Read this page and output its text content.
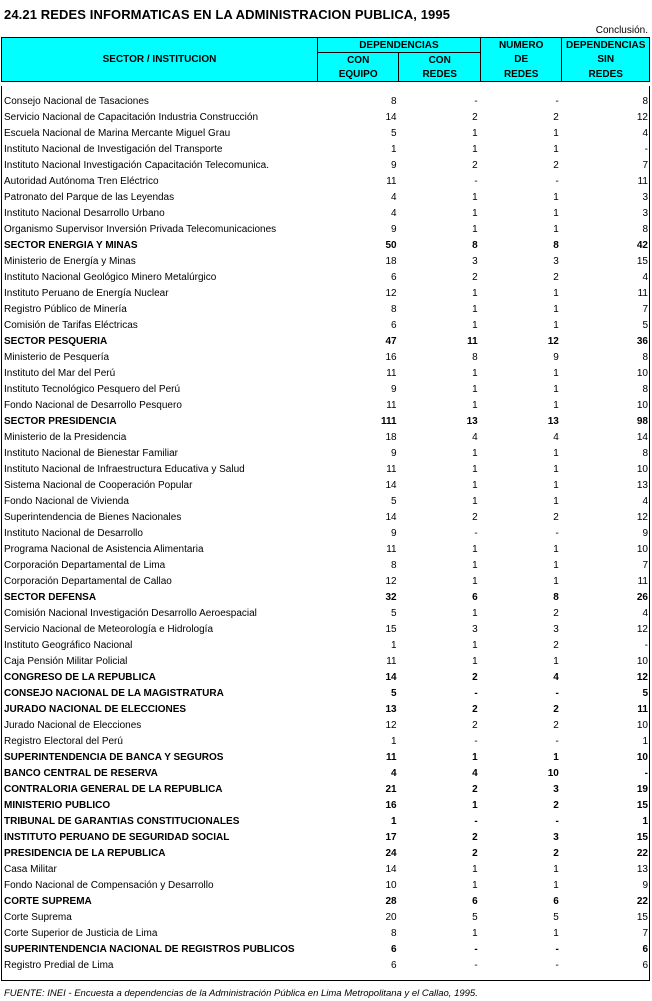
24.21 REDES INFORMATICAS EN LA ADMINISTRACION PUBLICA, 1995
Conclusión.
SECTOR / INSTITUCION	DEPENDENCIAS		NUMERO	DEPENDENCIAS
	CON	CON	DE	SIN
	EQUIPO	REDES	REDES	REDES
Consejo Nacional de Tasaciones	8	-	-	8
Servicio Nacional de Capacitación Industria Construcción	14	2	2	12
Escuela Nacional de Marina Mercante Miguel Grau	5	1	1	4
Instituto Nacional de Investigación del Transporte	1	1	1	-
Instituto Nacional Investigación Capacitación Telecomunica.	9	2	2	7
Autoridad Autónoma Tren Eléctrico	11	-	-	11
Patronato del Parque de las Leyendas	4	1	1	3
Instituto Nacional Desarrollo Urbano	4	1	1	3
Organismo Supervisor Inversión Privada Telecomunicaciones	9	1	1	8
SECTOR ENERGIA Y MINAS	50	8	8	42
Ministerio de Energía y Minas	18	3	3	15
Instituto Nacional Geológico Minero Metalúrgico	6	2	2	4
Instituto Peruano de Energía Nuclear	12	1	1	11
Registro Público de Minería	8	1	1	7
Comisión de Tarifas Eléctricas	6	1	1	5
SECTOR PESQUERIA	47	11	12	36
Ministerio de Pesquería	16	8	9	8
Instituto del Mar del Perú	11	1	1	10
Instituto Tecnológico Pesquero del Perú	9	1	1	8
Fondo Nacional de Desarrollo Pesquero	11	1	1	10
SECTOR PRESIDENCIA	111	13	13	98
Ministerio de la Presidencia	18	4	4	14
Instituto Nacional de Bienestar Familiar	9	1	1	8
Instituto Nacional de Infraestructura Educativa y Salud	11	1	1	10
Sistema Nacional de Cooperación Popular	14	1	1	13
Fondo Nacional de Vivienda	5	1	1	4
Superintendencia de Bienes Nacionales	14	2	2	12
Instituto Nacional de Desarrollo	9	-	-	9
Programa Nacional de Asistencia Alimentaria	11	1	1	10
Corporación Departamental de Lima	8	1	1	7
Corporación Departamental de Callao	12	1	1	11
SECTOR DEFENSA	32	6	8	26
Comisión Nacional Investigación Desarrollo Aeroespacial	5	1	2	4
Servicio Nacional de Meteorología e Hidrología	15	3	3	12
Instituto Geográfico Nacional	1	1	2	-
Caja Pensión Militar Policial	11	1	1	10
CONGRESO DE LA REPUBLICA	14	2	4	12
CONSEJO NACIONAL DE LA MAGISTRATURA	5	-	-	5
JURADO NACIONAL DE ELECCIONES	13	2	2	11
Jurado Nacional de Elecciones	12	2	2	10
Registro Electoral del Perú	1	-	-	1
SUPERINTENDENCIA DE BANCA Y SEGUROS	11	1	1	10
BANCO CENTRAL DE RESERVA	4	4	10	-
CONTRALORIA GENERAL DE LA REPUBLICA	21	2	3	19
MINISTERIO PUBLICO	16	1	2	15
TRIBUNAL DE GARANTIAS CONSTITUCIONALES	1	-	-	1
INSTITUTO PERUANO DE SEGURIDAD SOCIAL	17	2	3	15
PRESIDENCIA DE LA REPUBLICA	24	2	2	22
Casa Militar	14	1	1	13
Fondo Nacional de Compensación y Desarrollo	10	1	1	9
CORTE SUPREMA	28	6	6	22
Corte Suprema	20	5	5	15
Corte Superior de Justicia de Lima	8	1	1	7
SUPERINTENDENCIA NACIONAL DE REGISTROS PUBLICOS	6	-	-	6
Registro Predial de Lima	6	-	-	6
FUENTE: INEI - Encuesta a dependencias de la Administración Pública en Lima Metropolitana y el Callao, 1995.
